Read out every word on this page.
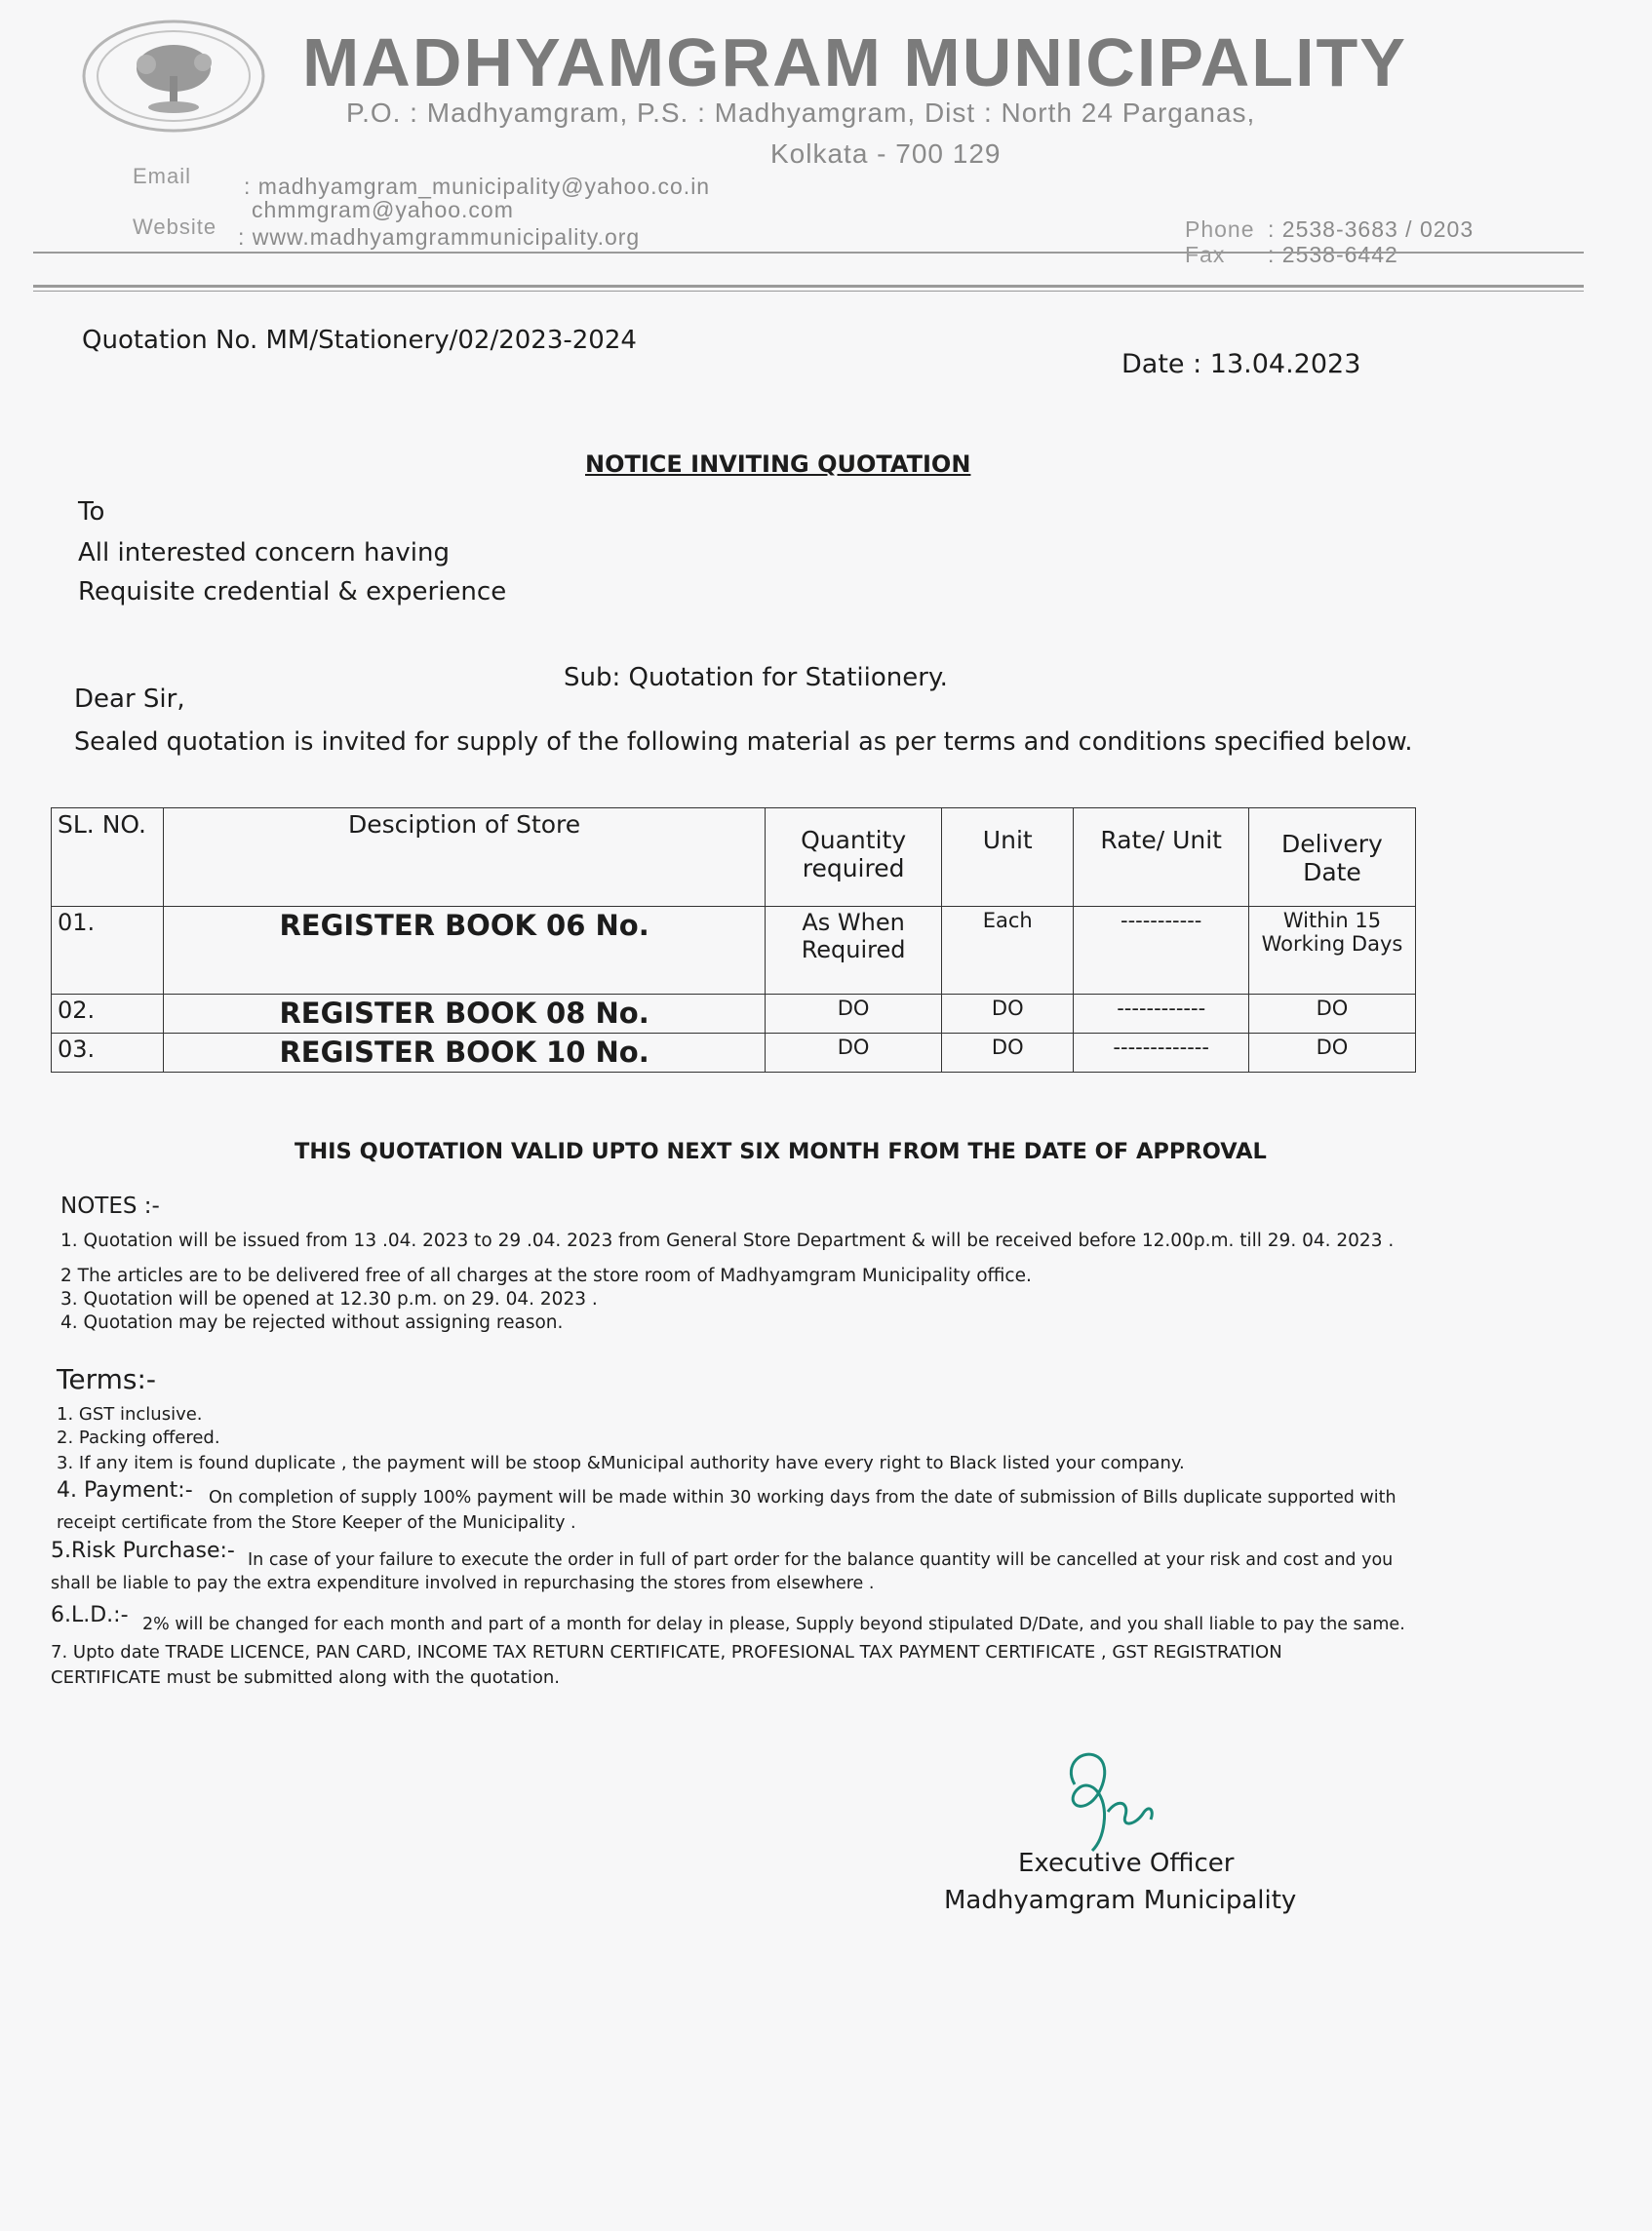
MADHYAMGRAM MUNICIPALITY
P.O. : Madhyamgram, P.S. : Madhyamgram, Dist : North 24 Parganas,
Kolkata - 700 129
Email : madhyamgram_municipality@yahoo.co.in
chmmgram@yahoo.com
Website : www.madhyamgrammunicipality.org	Phone : 2538-3683 / 0203
Fax : 2538-6442
Quotation No. MM/Stationery/02/2023-2024
Date : 13.04.2023
NOTICE INVITING QUOTATION
To
All interested concern having
Requisite credential & experience
Sub: Quotation for Statiionery.
Dear Sir,
Sealed quotation is invited for supply of the following material as per terms and conditions specified below.
SL. NO.	Desciption of Store	Quantity required	Unit	Rate/ Unit	Delivery Date
01.	REGISTER BOOK 06 No.	As When Required	Each	-----------	Within 15 Working Days
02.	REGISTER BOOK 08 No.	DO	DO	------------	DO
03.	REGISTER BOOK 10 No.	DO	DO	-------------	DO
THIS QUOTATION VALID UPTO NEXT SIX MONTH FROM THE DATE OF APPROVAL
NOTES :-
1. Quotation will be issued from 13 .04. 2023 to 29 .04. 2023 from General Store Department & will be received before 12.00p.m. till 29. 04. 2023 .
2 The articles are to be delivered free of all charges at the store room of Madhyamgram Municipality office.
3. Quotation will be opened at 12.30 p.m. on 29. 04. 2023 .
4. Quotation may be rejected without assigning reason.
Terms:-
1. GST inclusive.
2. Packing offered.
3. If any item is found duplicate , the payment will be stoop &Municipal authority have every right to Black listed your company.
4. Payment:- On completion of supply 100% payment will be made within 30 working days from the date of submission of Bills duplicate supported with
receipt certificate from the Store Keeper of the Municipality .
5.Risk Purchase:- In case of your failure to execute the order in full of part order for the balance quantity will be cancelled at your risk and cost and you
shall be liable to pay the extra expenditure involved in repurchasing the stores from elsewhere .
6.L.D.:- 2% will be changed for each month and part of a month for delay in please, Supply beyond stipulated D/Date, and you shall liable to pay the same.
7. Upto date TRADE LICENCE, PAN CARD, INCOME TAX RETURN CERTIFICATE, PROFESIONAL TAX PAYMENT CERTIFICATE , GST REGISTRATION
CERTIFICATE must be submitted along with the quotation.
Executive Officer
Madhyamgram Municipality
